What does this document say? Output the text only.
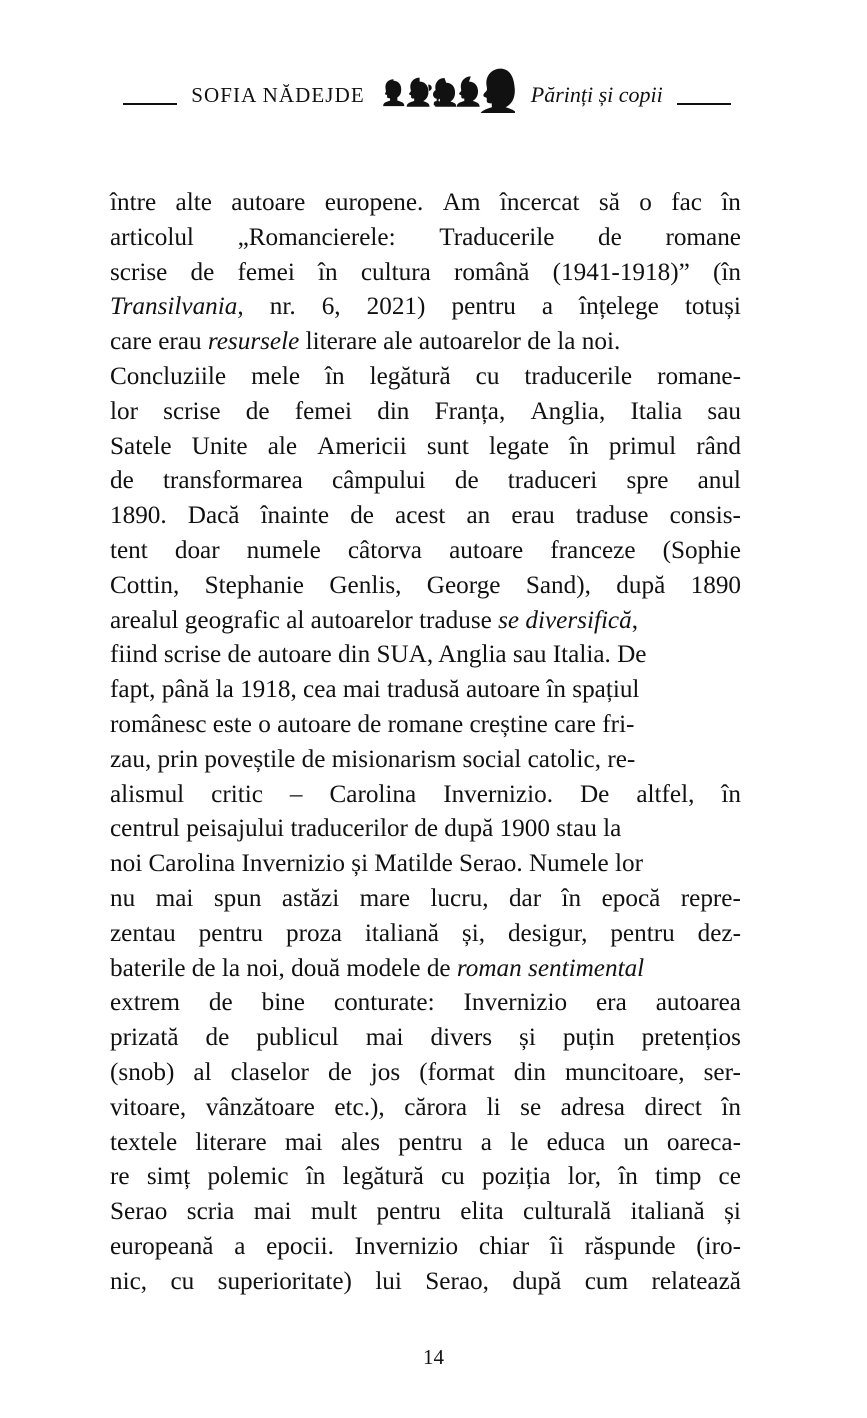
SOFIA NĂDEJDE	Părinți și copii
între alte autoare europene. Am încercat să o fac în
articolul „Romancierele: Traducerile de romane
scrise de femei în cultura română (1941-1918)” (în
Transilvania, nr. 6, 2021) pentru a înțelege totuși
care erau resursele literare ale autoarelor de la noi.
Concluziile mele în legătură cu traducerile romane-
lor scrise de femei din Franța, Anglia, Italia sau
Satele Unite ale Americii sunt legate în primul rând
de transformarea câmpului de traduceri spre anul
1890. Dacă înainte de acest an erau traduse consis-
tent doar numele câtorva autoare franceze (Sophie
Cottin, Stephanie Genlis, George Sand), după 1890
arealul geografic al autoarelor traduse se diversifică,
fiind scrise de autoare din SUA, Anglia sau Italia. De
fapt, până la 1918, cea mai tradusă autoare în spațiul
românesc este o autoare de romane creștine care fri-
zau, prin poveștile de misionarism social catolic, re-
alismul critic – Carolina Invernizio. De altfel, în
centrul peisajului traducerilor de după 1900 stau la
noi Carolina Invernizio și Matilde Serao. Numele lor
nu mai spun astăzi mare lucru, dar în epocă repre-
zentau pentru proza italiană și, desigur, pentru dez-
baterile de la noi, două modele de roman sentimental
extrem de bine conturate: Invernizio era autoarea
prizată de publicul mai divers și puțin pretențios
(snob) al claselor de jos (format din muncitoare, ser-
vitoare, vânzătoare etc.), cărora li se adresa direct în
textele literare mai ales pentru a le educa un oareca-
re simț polemic în legătură cu poziția lor, în timp ce
Serao scria mai mult pentru elita culturală italiană și
europeană a epocii. Invernizio chiar îi răspunde (iro-
nic, cu superioritate) lui Serao, după cum relatează
14
